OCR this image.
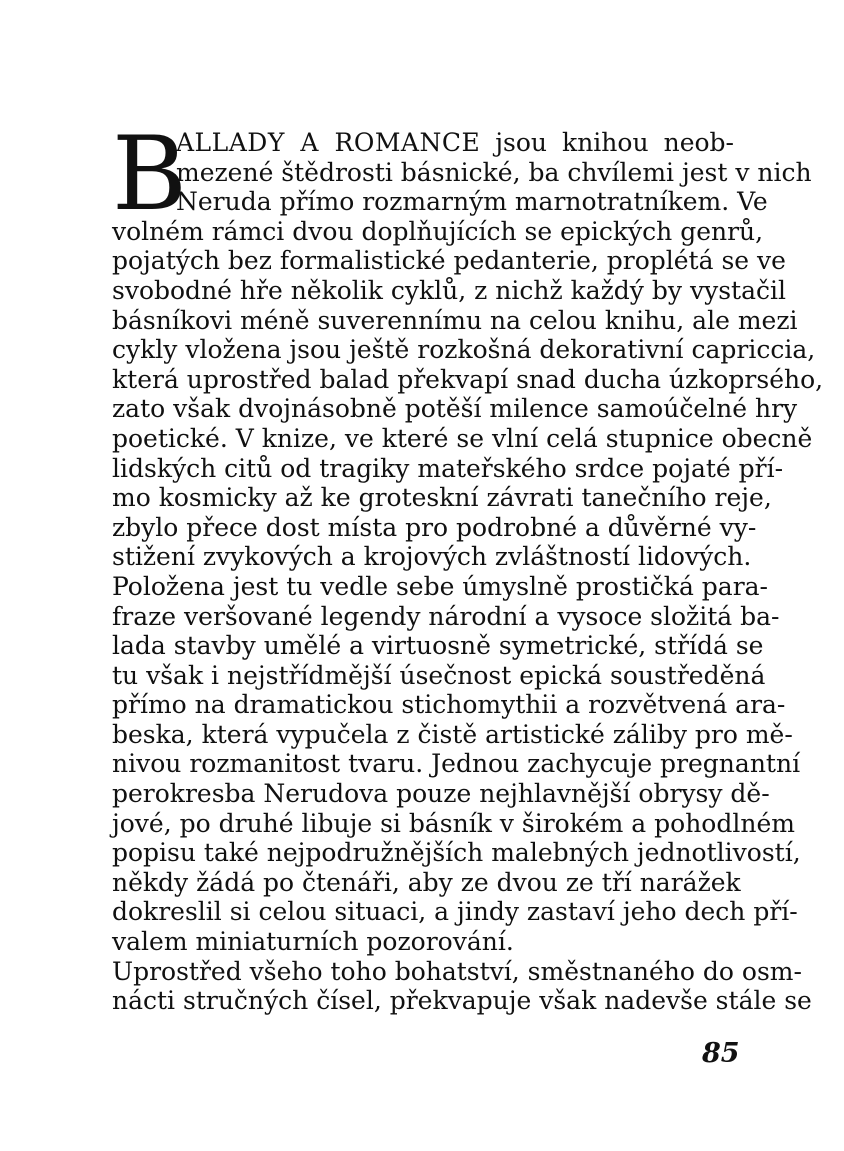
B
ALLADY A ROMANCE jsou knihou neob-
mezené štědrosti básnické, ba chvílemi jest v nich
Neruda přímo rozmarným marnotratníkem. Ve
volném rámci dvou doplňujících se epických genrů,
pojatých bez formalistické pedanterie, proplétá se ve
svobodné hře několik cyklů, z nichž každý by vystačil
básníkovi méně suverennímu na celou knihu, ale mezi
cykly vložena jsou ještě rozkošná dekorativní capriccia,
která uprostřed balad překvapí snad ducha úzkoprsého,
zato však dvojnásobně potěší milence samoúčelné hry
poetické. V knize, ve které se vlní celá stupnice obecně
lidských citů od tragiky mateřského srdce pojaté pří-
mo kosmicky až ke groteskní závrati tanečního reje,
zbylo přece dost místa pro podrobné a důvěrné vy-
stižení zvykových a krojových zvláštností lidových.
Položena jest tu vedle sebe úmyslně prostičká para-
fraze veršované legendy národní a vysoce složitá ba-
lada stavby umělé a virtuosně symetrické, střídá se
tu však i nejstřídmější úsečnost epická soustředěná
přímo na dramatickou stichomythii a rozvětvená ara-
beska, která vypučela z čistě artistické záliby pro mě-
nivou rozmanitost tvaru. Jednou zachycuje pregnantní
perokresba Nerudova pouze nejhlavnější obrysy dě-
jové, po druhé libuje si básník v širokém a pohodlném
popisu také nejpodružnějších malebných jednotlivostí,
někdy žádá po čtenáři, aby ze dvou ze tří narážek
dokreslil si celou situaci, a jindy zastaví jeho dech pří-
valem miniaturních pozorování.
Uprostřed všeho toho bohatství, směstnaného do osm-
nácti stručných čísel, překvapuje však nadevše stále se
85
